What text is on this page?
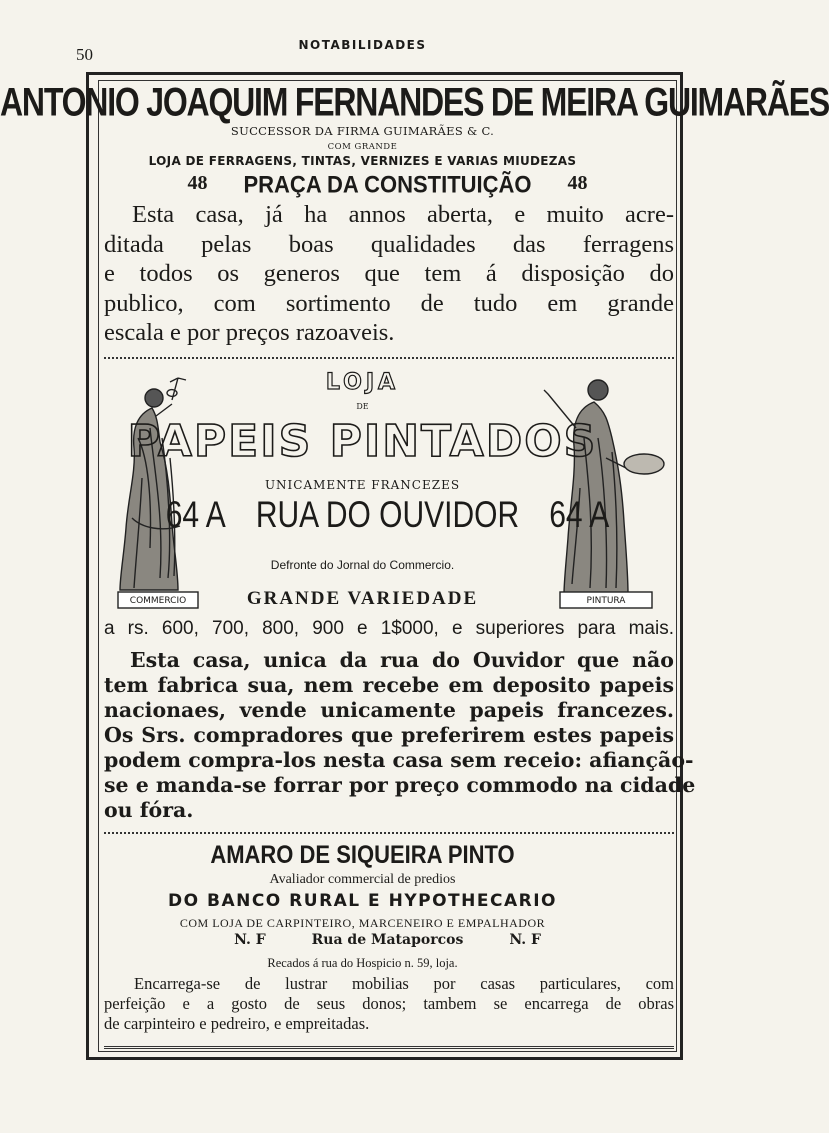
50	NOTABILIDADES
ANTONIO JOAQUIM FERNANDES DE MEIRA GUIMARÃES
SUCCESSOR DA FIRMA GUIMARÃES & C.
COM GRANDE
LOJA DE FERRAGENS, TINTAS, VERNIZES E VARIAS MIUDEZAS
48 PRAÇA DA CONSTITUIÇÃO 48
Esta casa, já ha annos aberta, e muito acre-
ditada pelas boas qualidades das ferragens
e todos os generos que tem á disposição do
publico, com sortimento de tudo em grande
escala e por preços razoaveis.
COMMERCIO	PINTURA
LOJA
DE
PAPEIS PINTADOS
UNICAMENTE FRANCEZES
64 A RUA DO OUVIDOR 64 A
Defronte do Jornal do Commercio.
GRANDE VARIEDADE
a rs. 600, 700, 800, 900 e 1$000, e superiores para mais.
Esta casa, unica da rua do Ouvidor que não
tem fabrica sua, nem recebe em deposito papeis
nacionaes, vende unicamente papeis francezes.
Os Srs. compradores que preferirem estes papeis
podem compra-los nesta casa sem receio: afianção-
se e manda-se forrar por preço commodo na cidade
ou fóra.
AMARO DE SIQUEIRA PINTO
Avaliador commercial de predios
DO BANCO RURAL E HYPOTHECARIO
COM LOJA DE CARPINTEIRO, MARCENEIRO E EMPALHADOR
N. F	Rua de Mataporcos	N. F
Recados á rua do Hospicio n. 59, loja.
Encarrega-se de lustrar mobilias por casas particulares, com
perfeição e a gosto de seus donos; tambem se encarrega de obras
de carpinteiro e pedreiro, e empreitadas.
